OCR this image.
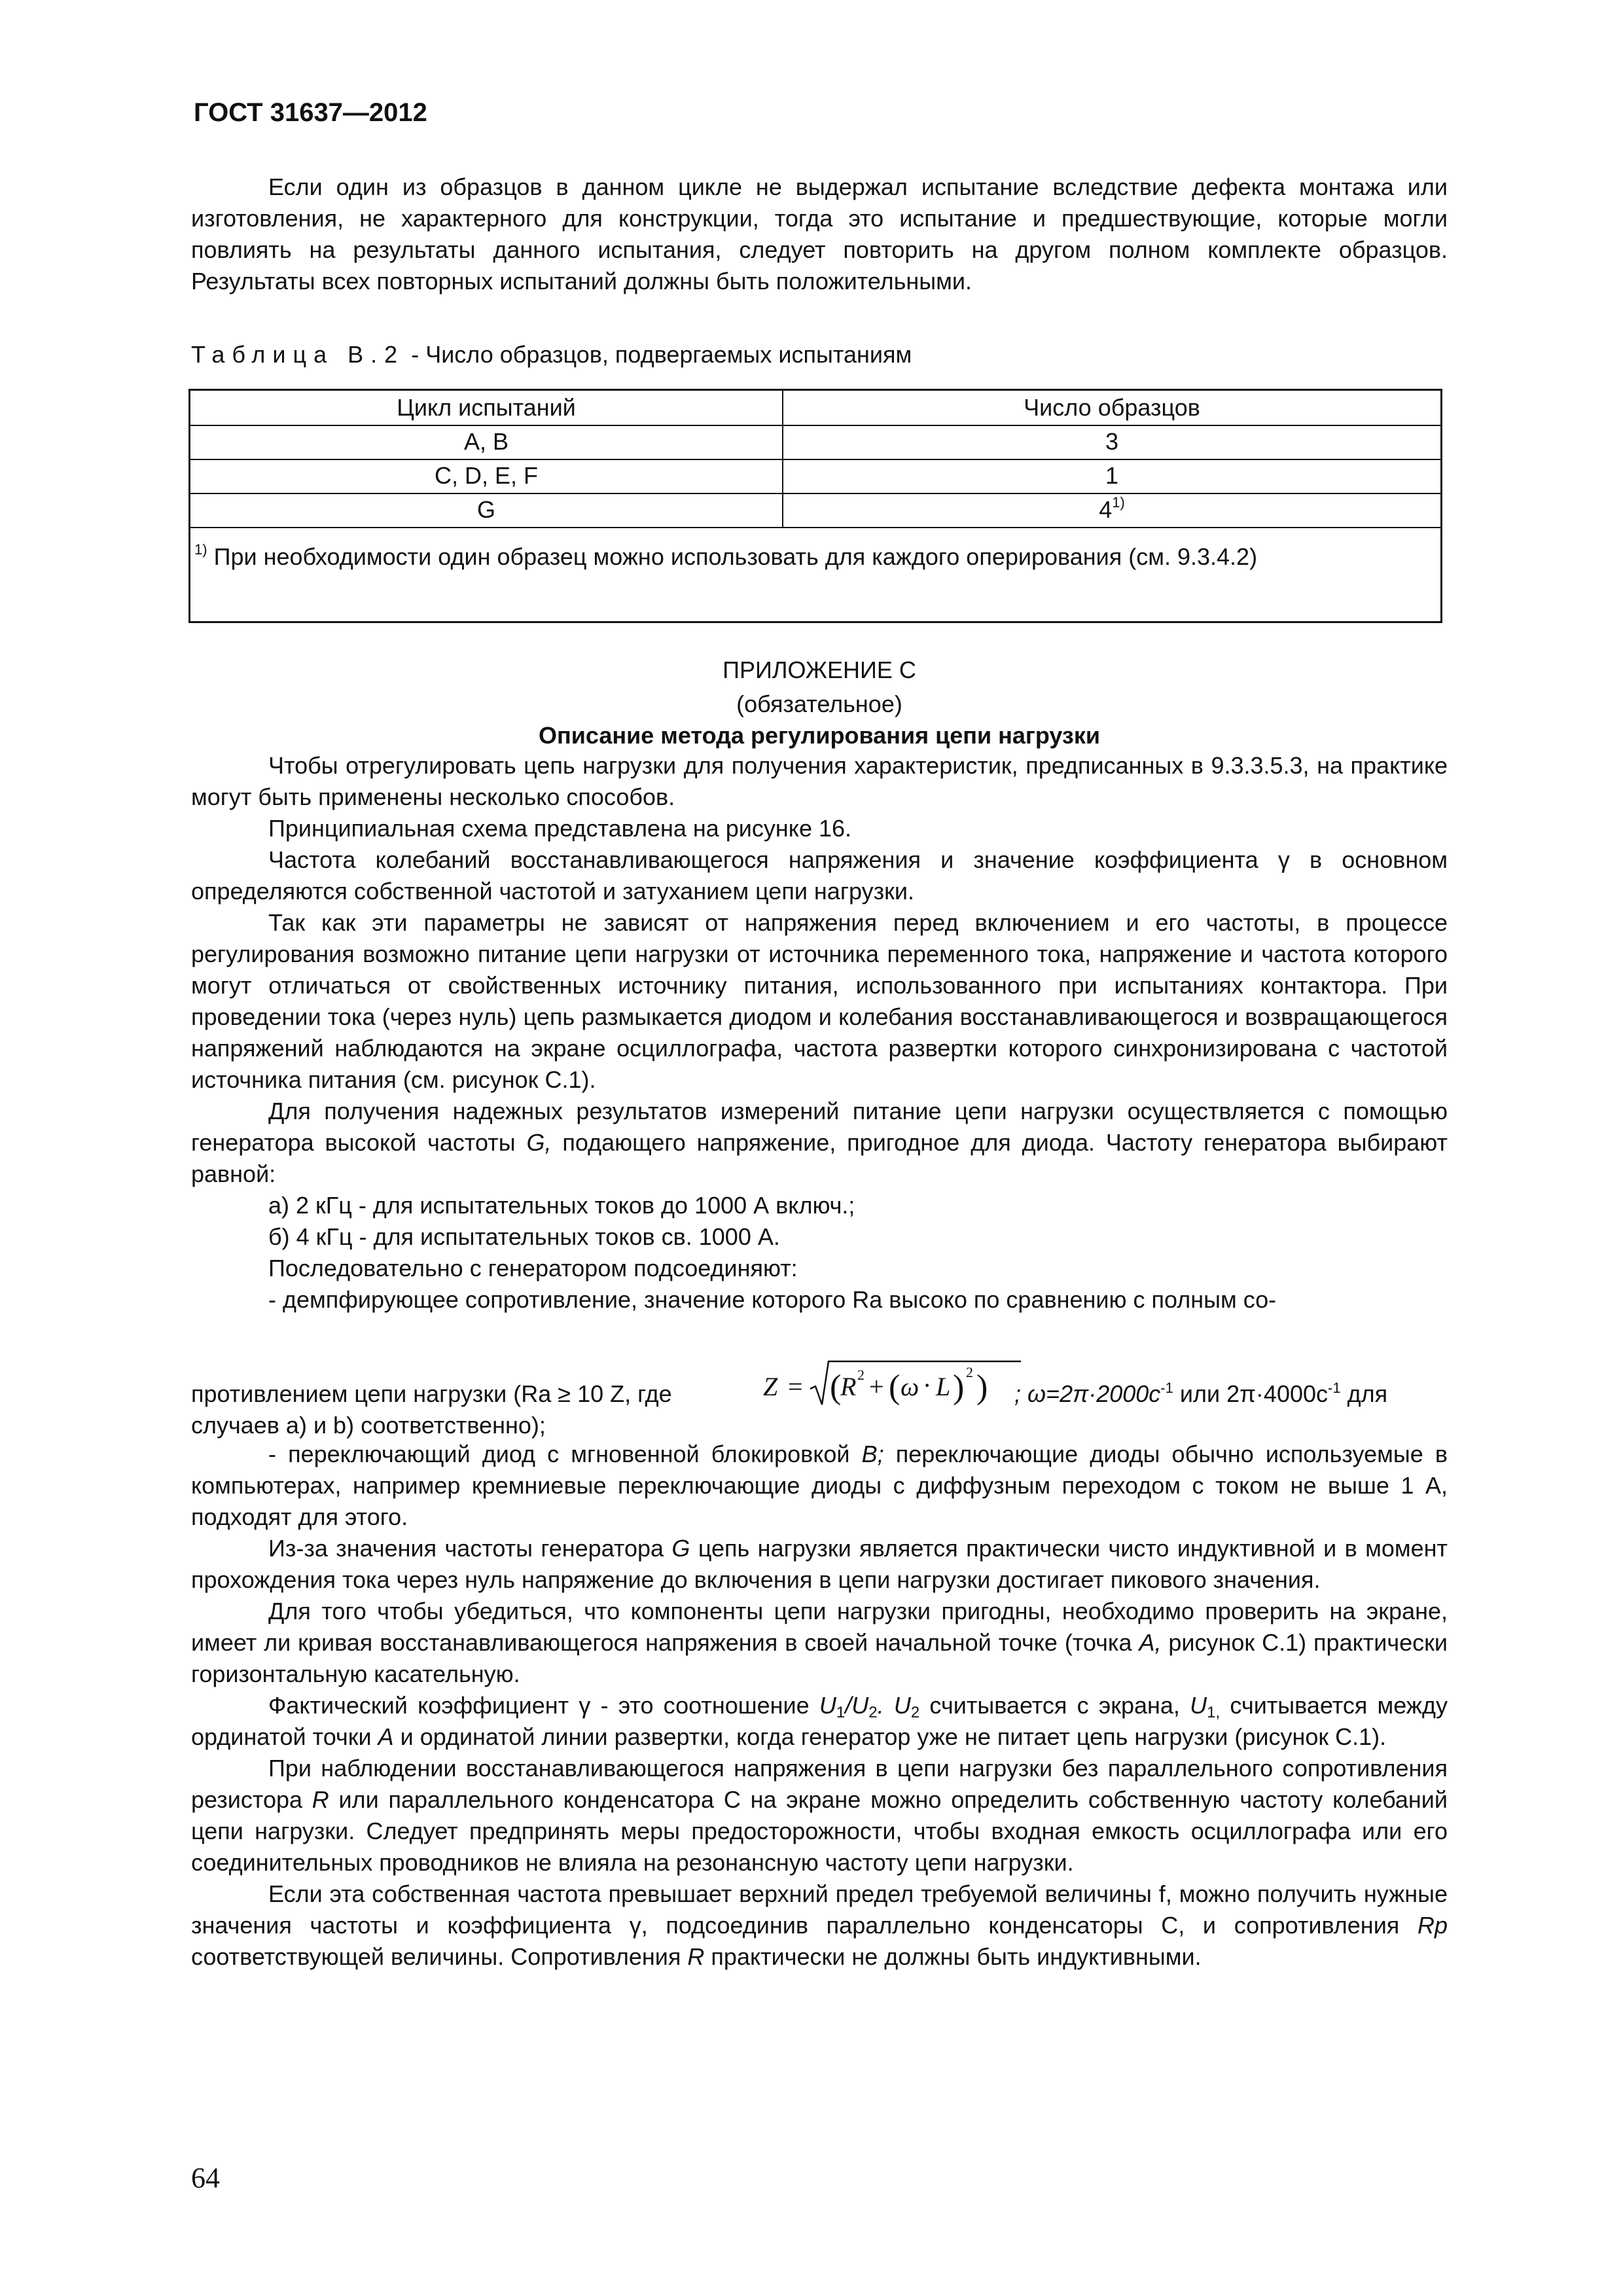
ГОСТ 31637—2012

Если один из образцов в данном цикле не выдержал испытание вследствие дефекта монтажа или изготовления, не характерного для конструкции, тогда это испытание и предшествующие, которые могли повлиять на результаты данного испытания, следует повторить на другом полном комплекте образцов. Результаты всех повторных испытаний должны быть положительными.

Таблица В.2 - Число образцов, подвергаемых испытаниям
Цикл испытаний	Число образцов
A, B	3
C, D, E, F	1
G	4$^{1)}$

$^{1)}$ При необходимости один образец можно использовать для каждого оперирования (см. 9.3.4.2)

ПРИЛОЖЕНИЕ С
(обязательное)
Описание метода регулирования цепи нагрузки

Чтобы отрегулировать цепь нагрузки для получения характеристик, предписанных в 9.3.3.5.3, на практике могут быть применены несколько способов.

Принципиальная схема представлена на рисунке 16.

Частота колебаний восстанавливающегося напряжения и значение коэффициента γ в основном определяются собственной частотой и затуханием цепи нагрузки.

Так как эти параметры не зависят от напряжения перед включением и его частоты, в процессе регулирования возможно питание цепи нагрузки от источника переменного тока, напряжение и частота которого могут отличаться от свойственных источнику питания, использованного при испытаниях контактора. При проведении тока (через нуль) цепь размыкается диодом и колебания восстанавливающегося и возвращающегося напряжений наблюдаются на экране осциллографа, частота развертки которого синхронизирована с частотой источника питания (см. рисунок С.1).

Для получения надежных результатов измерений питание цепи нагрузки осуществляется с помощью генератора высокой частоты G, подающего напряжение, пригодное для диода. Частоту генератора выбирают равной:

а) 2 кГц - для испытательных токов до 1000 А включ.;

б) 4 кГц - для испытательных токов св. 1000 А.

Последовательно с генератором подсоединяют:

- демпфирующее сопротивление, значение которого Ra высоко по сравнению с полным со-

противлением цепи нагрузки (Ra ≥ 10 Z, где	Z = (
R 2 + ( ω · L ) 2 ) ; $\omega=2\pi\cdot 2000с^{-1}$ или $2\pi\cdot 4000с^{-1}$ для
случаев а) и b) соответственно);

- переключающий диод с мгновенной блокировкой B; переключающие диоды обычно используемые в компьютерах, например кремниевые переключающие диоды с диффузным переходом с током не выше 1 А, подходят для этого.

Из-за значения частоты генератора G цепь нагрузки является практически чисто индуктивной и в момент прохождения тока через нуль напряжение до включения в цепи нагрузки достигает пикового значения.

Для того чтобы убедиться, что компоненты цепи нагрузки пригодны, необходимо проверить на экране, имеет ли кривая восстанавливающегося напряжения в своей начальной точке (точка А, рисунок С.1) практически горизонтальную касательную.

Фактический коэффициент γ - это соотношение $U_1/U_2$. $U_2$ считывается с экрана, $U_{1,}$ считывается между ординатой точки А и ординатой линии развертки, когда генератор уже не питает цепь нагрузки (рисунок С.1).

При наблюдении восстанавливающегося напряжения в цепи нагрузки без параллельного сопротивления резистора R или параллельного конденсатора С на экране можно определить собственную частоту колебаний цепи нагрузки. Следует предпринять меры предосторожности, чтобы входная емкость осциллографа или его соединительных проводников не влияла на резонансную частоту цепи нагрузки.

Если эта собственная частота превышает верхний предел требуемой величины f, можно получить нужные значения частоты и коэффициента γ, подсоединив параллельно конденсаторы С, и сопротивления Rp соответствующей величины. Сопротивления R практически не должны быть индуктивными.

64
